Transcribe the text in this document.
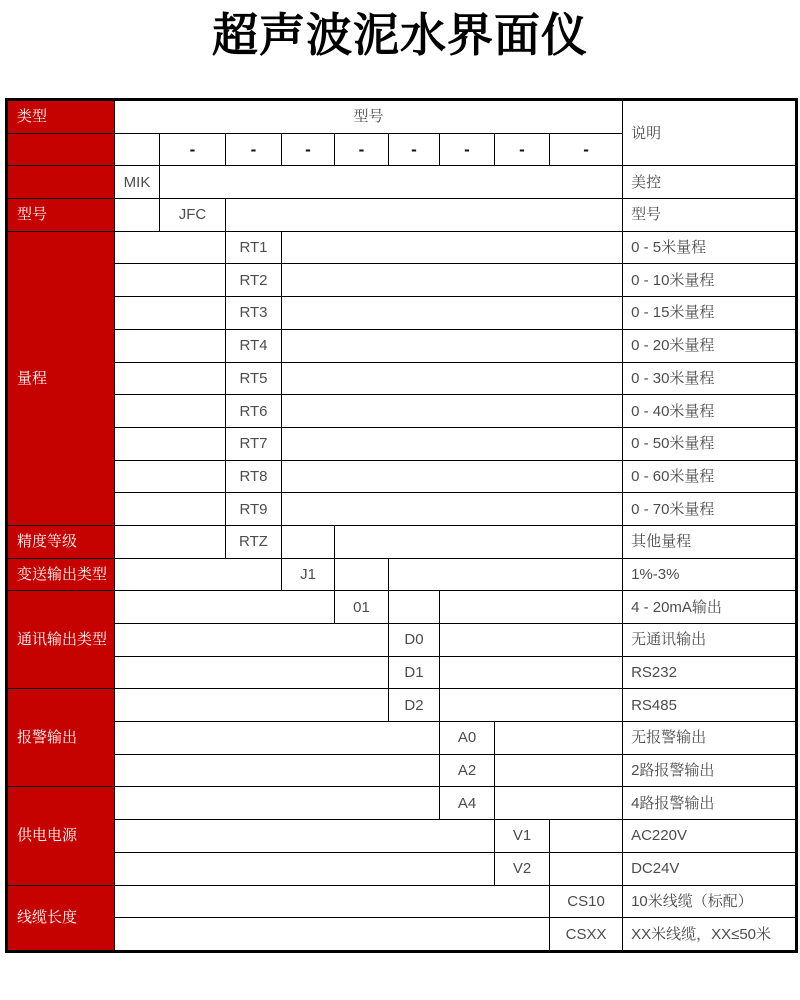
超声波泥水界面仪
类型	型号									说明
		-	-	-	-	-	-	-	-	
	MIK									美控
型号		JFC								型号
量程			RT1							0 - 5米量程
			RT2							0 - 10米量程
			RT3							0 - 15米量程
			RT4							0 - 20米量程
			RT5							0 - 30米量程
			RT6							0 - 40米量程
			RT7							0 - 50米量程
			RT8							0 - 60米量程
			RT9							0 - 70米量程
精度等级			RTZ							其他量程
变送输出类型				J1						1%-3%
通讯输出类型					01					4 - 20mA输出
						D0				无通讯输出
						D1				RS232
报警输出						D2				RS485
							A0			无报警输出
							A2			2路报警输出
供电电源							A4			4路报警输出
								V1		AC220V
								V2		DC24V
线缆长度									CS10	10米线缆（标配）
									CSXX	XX米线缆，XX≤50米
